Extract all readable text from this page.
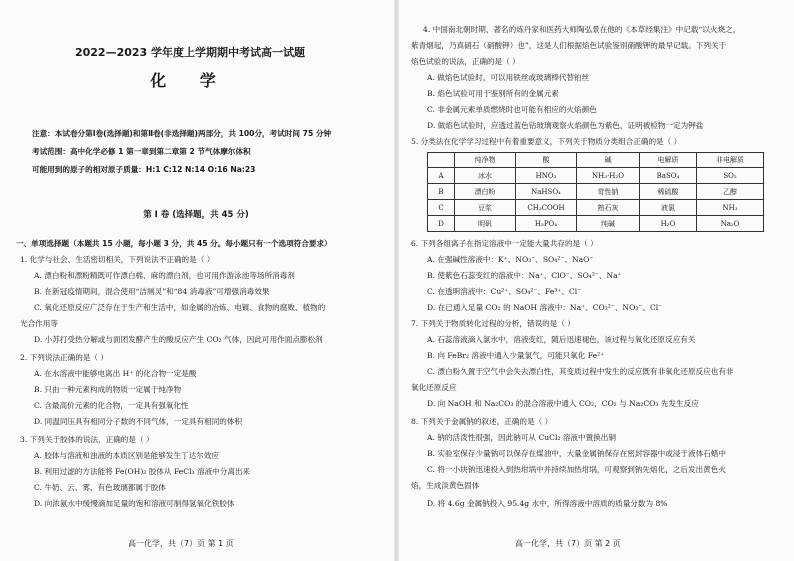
2022—2023 学年度上学期期中考试高一试题
化 学
注意：本试卷分第Ⅰ卷(选择题)和第Ⅱ卷(非选择题)两部分，共 100分，考试时间 75 分钟
考试范围：高中化学必修 1 第一章到第二章第 2 节气体摩尔体积
可能用到的原子的相对原子质量：H:1 C:12 N:14 O:16 Na:23
第 Ⅰ 卷 (选择题，共 45 分)
一、单项选择题（本题共 15 小题，每小题 3 分，共 45 分。每小题只有一个选项符合要求）
1. 化学与社会、生活密切相关，下列说法不正确的是（ ）
A. 漂白粉和漂粉精既可作漂白棉、麻的漂白剂，也可用作游泳池等场所消毒剂
B. 在新冠疫情期间，混合使用“洁厕灵”和“84 消毒液”可增强消毒效果
C. 氧化还原反应广泛存在于生产和生活中，如金属的冶炼、电镀、食物的腐败、植物的
光合作用等
D. 小苏打受热分解或与面团发酵产生的酸反应产生 CO₂ 气体，因此可用作面点膨松剂
2. 下列说法正确的是（ ）
A. 在水溶液中能够电离出 H⁺ 的化合物一定是酸
B. 只由一种元素构成的物质一定属于纯净物
C. 含最高价元素的化合物，一定具有强氧化性
D. 同温同压具有相同分子数的不同气体，一定具有相同的体积
3. 下列关于胶体的说法，正确的是（ ）
A. 胶体与溶液和浊液的本质区别是能够发生丁达尔效应
B. 利用过滤的方法能将 Fe(OH)₃ 胶体从 FeCl₃ 溶液中分离出来
C. 牛奶、云、雾、有色玻璃都属于胶体
D. 向浓氨水中缓慢滴加足量的饱和溶液可制得氢氧化铁胶体
高一化学，共（7）页 第 1 页
4. 中国南北朝时期，著名的炼丹家和医药大师陶弘景在他的《本草经集注》中记载“以火烧之，
紫青烟起，乃真硝石（硝酸钾）也”，这是人们根据焰色试验鉴别硝酸钾的最早记载。下列关于
焰色试验的说法，正确的是（ ）
A. 做焰色试验时，可以用铁丝或玻璃棒代替铂丝
B. 焰色试验可用于鉴别所有的金属元素
C. 非金属元素单质燃烧时也可能有相应的火焰颜色
D. 做焰色试验时，应透过蓝色钴玻璃观察火焰颜色为紫色，证明被检物一定为钾盐
5. 分类法在化学学习过程中有着重要意义，下列关于物质分类组合正确的是（ ）
	纯净物	酸	碱	电解质	非电解质
A	冰水	HNO₃	NH₃·H₂O	BaSO₄	SO₂
B	漂白粉	NaHSO₄	苛性钠	稀硫酸	乙醇
C	豆浆	CH₃COOH	熟石灰	液氯	NH₃
D	明矾	H₃PO₄	纯碱	H₂O	Na₂O
6. 下列各组离子在指定溶液中一定能大量共存的是（ ）
A. 在强碱性溶液中：K⁺、NO₃⁻、SO₄²⁻、NaO⁻
B. 使紫色石蕊变红的溶液中：Na⁺、ClO⁻、SO₄²⁻、Na⁺
C. 在透明溶液中：Cu²⁺、SO₄²⁻、Fe³⁺、Cl⁻
D. 在已通入足量 CO₂ 的 NaOH 溶液中：Na⁺、CO₃²⁻、NO₃⁻、Cl⁻
7. 下列关于物质转化过程的分析，错误的是（ ）
A. 石蕊溶液滴入氯水中，溶液变红，随后迅速褪色，该过程与氧化还原反应有关
B. 向 FeBr₂ 溶液中通入少量氯气，可能只氧化 Fe²⁺
C. 漂白粉久置于空气中会失去漂白性，其变质过程中发生的反应既有非氧化还原反应也有非
氧化还原反应
D. 向 NaOH 和 Na₂CO₃ 的混合溶液中通入 CO₂，CO₂ 与 Na₂CO₃ 先发生反应
8. 下列关于金属钠的叙述，正确的是（ ）
A. 钠的活泼性很强，因此钠可从 CuCl₂ 溶液中置换出铜
B. 实验室保存少量钠可以保存在煤油中，大量金属钠保存在密封容器中或浸于液体石蜡中
C. 将一小块钠迅速投入到热坩埚中并持续加热坩埚，可观察到钠先熔化，之后发出黄色火
焰，生成淡黄色固体
D. 将 4.6g 金属钠投入 95.4g 水中，所得溶液中溶质的质量分数为 8%
高一化学，共（7）页 第 2 页
